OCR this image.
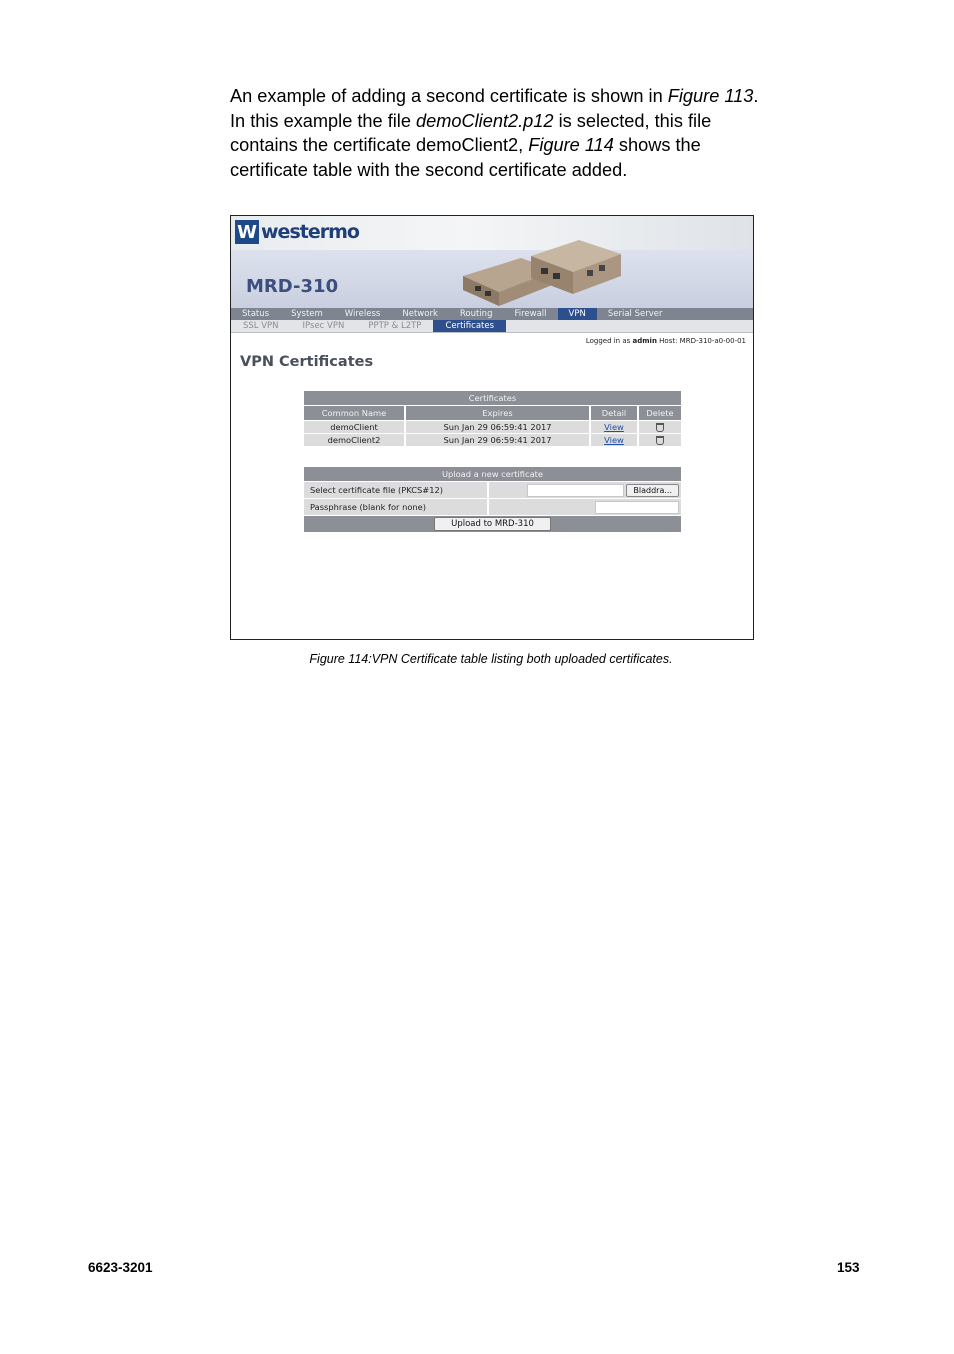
An example of adding a second certificate is shown in Figure 113. In this example the file demoClient2.p12 is selected, this file contains the certificate demoClient2, Figure 114 shows the certificate table with the second certificate added.

W westermo
MRD-310
Status	System	Wireless	Network	Routing	Firewall	VPN	Serial Server
SSL VPN	IPsec VPN	PPTP & L2TP	Certificates
Logged in as admin Host: MRD-310-a0-00-01
VPN Certificates
Certificates			
Common Name	Expires	Detail	Delete
demoClient	Sun Jan 29 06:59:41 2017	View	
demoClient2	Sun Jan 29 06:59:41 2017	View	
Upload a new certificate	
Select certificate file (PKCS#12)	Bladdra...
Passphrase (blank for none)	
Upload to MRD-310	
Figure 114:VPN Certificate table listing both uploaded certificates.
6623-3201	153
